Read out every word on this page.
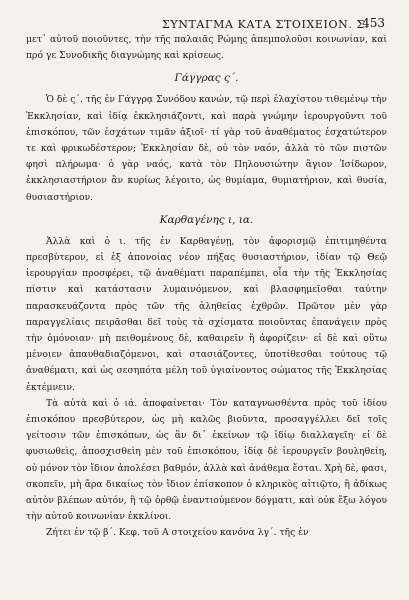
ΣΥΝΤΑΓΜΑ ΚΑΤΑ ΣΤΟΙΧΕΙΟΝ. Σ.
453

μετ᾽ αὐτοῦ ποιοῦντες, τὴν τῆς παλαιᾶς Ρώμης ἀπεμπολοῦσι κοινωνίαν, καὶ πρό γε Συνοδικῆς διαγνώμης καὶ κρίσεως.

Γάγγρας ς΄.

Ὁ δὲ ς΄. τῆς ἐν Γάγγρᾳ Συνόδου κανών, τῷ περὶ ἐλαχίστου τιθεμένῳ τὴν Ἐκκλησίαν, καὶ ἰδίᾳ ἐκκλησιάζοντι, καὶ παρὰ γνώμην ἱερουργοῦντι τοῦ ἐπισκόπου, τῶν ἐσχάτων τιμᾶν ἀξιοῖ· τί γὰρ τοῦ ἀναθέματος ἐσχατώτερον τε καὶ φρικωδέστερον; Ἐκκλησίαν δὲ, οὐ τὸν ναόν, ἀλλὰ τὸ τῶν πιστῶν φησὶ πλήρωμα· ὁ γὰρ ναός, κατὰ τὸν Πηλουσιώτην ἅγιον Ἰσίδωρον, ἐκκλησιαστήριον ἂν κυρίως λέγοιτο, ὡς θυμίαμα, θυμιατήριον, καὶ θυσία, θυσιαστήριον.

Καρθαγένης ι, ια.

Ἀλλὰ καὶ ὁ ι. τῆς ἐν Καρθαγένῃ, τὸν ἀφορισμῷ ἐπιτιμηθέντα πρεσβύτερον, εἰ ἐξ ἀπονοίας νέον πήξας θυσιαστήριον, ἰδίαν τῷ Θεῷ ἱερουργίαν προσφέρει, τῷ ἀναθέματι παραπέμπει, οἷα τὴν τῆς Ἐκκλησίας πίστιν καὶ κατάστασιν λυμαινόμενον, καὶ βλασφημεῖσθαι ταύτην παρασκευάζοντα πρὸς τῶν τῆς ἀληθείας ἐχθρῶν. Πρῶτον μὲν γὰρ παραγγελίαις πειρᾶσθαι δεῖ τοὺς τὰ σχίσματα ποιοῦντας ἐπανάγειν πρὸς τὴν ὁμόνοιαν· μὴ πειθομένους δὲ, καθαιρεῖν ἢ ἀφορίζειν· εἰ δὲ καὶ οὕτω μένοιεν ἀπαυθαδιαζόμενοι, καὶ στασιάζοντες, ὑποτίθεσθαι τούτους τῷ ἀναθέματι, καὶ ὡς σεσηπότα μέλη τοῦ ὑγιαίνοντος σώματος τῆς Ἐκκλησίας ἐκτέμνειν.

Τὰ αὐτὰ καὶ ὁ ιά. ἀποφαίνεται· Τὸν καταγνωσθέντα πρὸς τοῦ ἰδίου ἐπισκόπου πρεσβύτερον, ὡς μὴ καλῶς βιοῦντα, προσαγγέλλει δεῖ τοῖς γείτοσιν τῶν ἐπισκόπων, ὡς ἂν δι᾽ ἐκείνων τῷ ἰδίῳ διαλλαγεῖη· εἰ δὲ φυσιωθεὶς, ἀποσχισθεὶη μὲν τοῦ ἐπισκόπου, ἰδίᾳ δὲ ἱερουργεῖν βουληθείη, οὐ μόνον τὸν ἴδιον ἀπολέσει βαθμόν, ἀλλὰ καὶ ἀνάθεμα ἔσται. Χρὴ δὲ, φασι, σκοπεῖν, μὴ ἄρα δικαίως τὸν ἴδιον ἐπίσκοπον ὁ κληρικὸς αἰτιῷτο, ἢ ἀδίκως αὐτὸν βλέπων αὐτόν, ἢ τῷ ὀρθῷ ἐναντιούμενον δόγματι, καὶ οὐκ ἔξω λόγου τὴν αὐτοῦ κοινωνίαν ἐκκλίνοι.

Ζήτει ἐν τῷ β΄. Κεφ. τοῦ Α στοιχείου κανόνα λγ΄. τῆς ἐν
